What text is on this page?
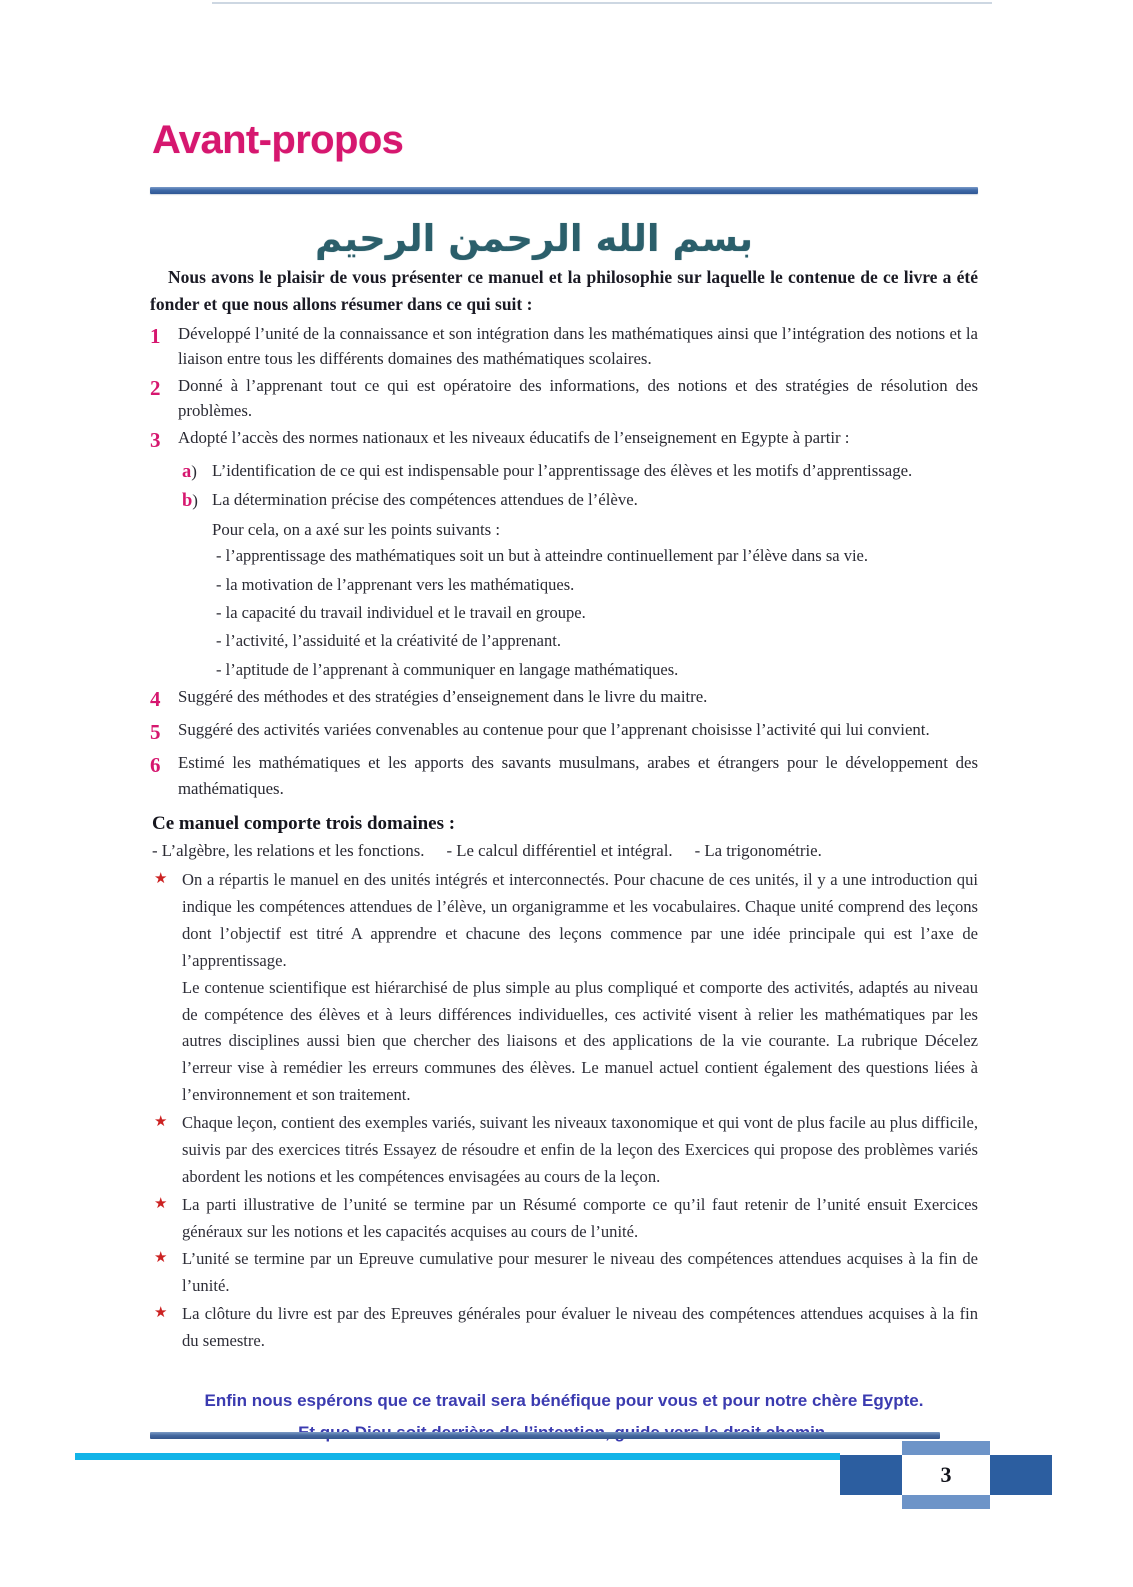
Avant-propos
بسم الله الرحمن الرحيم

Nous avons le plaisir de vous présenter ce manuel et la philosophie sur laquelle le contenue de ce livre a été fonder et que nous allons résumer dans ce qui suit :

1	Développé l’unité de la connaissance et son intégration dans les mathématiques ainsi que l’intégration des notions et la liaison entre tous les différents domaines des mathématiques scolaires.
2	Donné à l’apprenant tout ce qui est opératoire des informations, des notions et des stratégies de résolution des problèmes.
3	Adopté l’accès des normes nationaux et les niveaux éducatifs de l’enseignement en Egypte à partir :
a) L’identification de ce qui est indispensable pour l’apprentissage des élèves et les motifs d’apprentissage.
b) La détermination précise des compétences attendues de l’élève.
Pour cela, on a axé sur les points suivants :
- l’apprentissage des mathématiques soit un but à atteindre continuellement par l’élève dans sa vie.
- la motivation de l’apprenant vers les mathématiques.
- la capacité du travail individuel et le travail en groupe.
- l’activité, l’assiduité et la créativité de l’apprenant.
- l’aptitude de l’apprenant à communiquer en langage mathématiques.
4	Suggéré des méthodes et des stratégies d’enseignement dans le livre du maitre.
5	Suggéré des activités variées convenables au contenue pour que l’apprenant choisisse l’activité qui lui convient.
6	Estimé les mathématiques et les apports des savants musulmans, arabes et étrangers pour le développement des mathématiques.
Ce manuel comporte trois domaines :
- L’algèbre, les relations et les fonctions. - Le calcul différentiel et intégral. - La trigonométrie.
★ On a répartis le manuel en des unités intégrés et interconnectés. Pour chacune de ces unités, il y a une introduction qui indique les compétences attendues de l’élève, un organigramme et les vocabulaires. Chaque unité comprend des leçons dont l’objectif est titré A apprendre et chacune des leçons commence par une idée principale qui est l’axe de l’apprentissage.

Le contenue scientifique est hiérarchisé de plus simple au plus compliqué et comporte des activités, adaptés au niveau de compétence des élèves et à leurs différences individuelles, ces activité visent à relier les mathématiques par les autres disciplines aussi bien que chercher des liaisons et des applications de la vie courante. La rubrique Décelez l’erreur vise à remédier les erreurs communes des élèves. Le manuel actuel contient également des questions liées à l’environnement et son traitement.

★ Chaque leçon, contient des exemples variés, suivant les niveaux taxonomique et qui vont de plus facile au plus difficile, suivis par des exercices titrés Essayez de résoudre et enfin de la leçon des Exercices qui propose des problèmes variés abordent les notions et les compétences envisagées au cours de la leçon.

★ La parti illustrative de l’unité se termine par un Résumé comporte ce qu’il faut retenir de l’unité ensuit Exercices généraux sur les notions et les capacités acquises au cours de l’unité.

★ L’unité se termine par un Epreuve cumulative pour mesurer le niveau des compétences attendues acquises à la fin de l’unité.

★ La clôture du livre est par des Epreuves générales pour évaluer le niveau des compétences attendues acquises à la fin du semestre.

Enfin nous espérons que ce travail sera bénéfique pour vous et pour notre chère Egypte.
3
